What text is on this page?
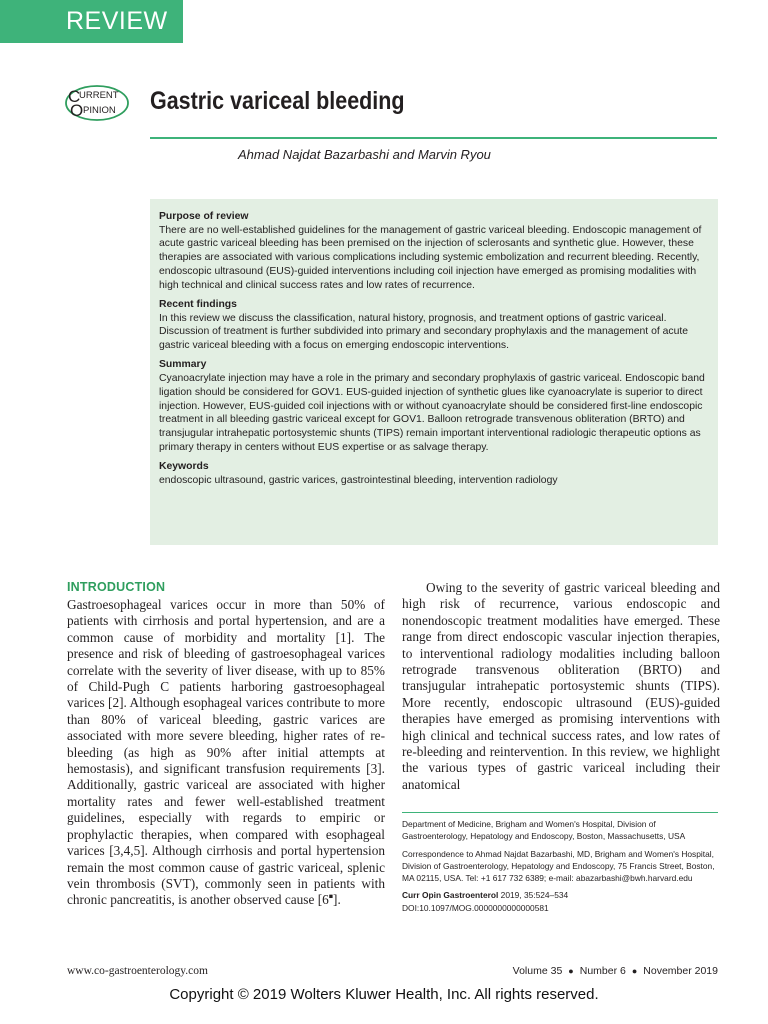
REVIEW
C
URRENT
O PINION Gastric variceal bleeding
Ahmad Najdat Bazarbashi and Marvin Ryou
Purpose of review

There are no well-established guidelines for the management of gastric variceal bleeding. Endoscopic management of acute gastric variceal bleeding has been premised on the injection of sclerosants and synthetic glue. However, these therapies are associated with various complications including systemic embolization and recurrent bleeding. Recently, endoscopic ultrasound (EUS)-guided interventions including coil injection have emerged as promising modalities with high technical and clinical success rates and low rates of recurrence.

Recent findings

In this review we discuss the classification, natural history, prognosis, and treatment options of gastric variceal. Discussion of treatment is further subdivided into primary and secondary prophylaxis and the management of acute gastric variceal bleeding with a focus on emerging endoscopic interventions.

Summary

Cyanoacrylate injection may have a role in the primary and secondary prophylaxis of gastric variceal. Endoscopic band ligation should be considered for GOV1. EUS-guided injection of synthetic glues like cyanoacrylate is superior to direct injection. However, EUS-guided coil injections with or without cyanoacrylate should be considered first-line endoscopic treatment in all bleeding gastric variceal except for GOV1. Balloon retrograde transvenous obliteration (BRTO) and transjugular intrahepatic portosystemic shunts (TIPS) remain important interventional radiologic therapeutic options as primary therapy in centers without EUS expertise or as salvage therapy.

Keywords

endoscopic ultrasound, gastric varices, gastrointestinal bleeding, intervention radiology

INTRODUCTION

Gastroesophageal varices occur in more than 50% of patients with cirrhosis and portal hypertension, and are a common cause of morbidity and mortality [1]. The presence and risk of bleeding of gastroesophageal varices correlate with the severity of liver disease, with up to 85% of Child-Pugh C patients harboring gastroesophageal varices [2]. Although esophageal varices contribute to more than 80% of variceal bleeding, gastric varices are associated with more severe bleeding, higher rates of re-bleeding (as high as 90% after initial attempts at hemostasis), and significant transfusion requirements [3]. Additionally, gastric variceal are associated with higher mortality rates and fewer well-established treatment guidelines, especially with regards to empiric or prophylactic therapies, when compared with esophageal varices [3,4,5]. Although cirrhosis and portal hypertension remain the most common cause of gastric variceal, splenic vein thrombosis (SVT), commonly seen in patients with chronic pancreatitis, is another observed cause [6■].

Owing to the severity of gastric variceal bleeding and high risk of recurrence, various endoscopic and nonendoscopic treatment modalities have emerged. These range from direct endoscopic vascular injection therapies, to interventional radiology modalities including balloon retrograde transvenous obliteration (BRTO) and transjugular intrahepatic portosystemic shunts (TIPS). More recently, endoscopic ultrasound (EUS)-guided therapies have emerged as promising interventions with high clinical and technical success rates, and low rates of re-bleeding and reintervention. In this review, we highlight the various types of gastric variceal including their anatomical

Department of Medicine, Brigham and Women's Hospital, Division of Gastroenterology, Hepatology and Endoscopy, Boston, Massachusetts, USA

Correspondence to Ahmad Najdat Bazarbashi, MD, Brigham and Women's Hospital, Division of Gastroenterology, Hepatology and Endoscopy, 75 Francis Street, Boston, MA 02115, USA. Tel: +1 617 732 6389; e-mail: abazarbashi@bwh.harvard.edu

Curr Opin Gastroenterol 2019, 35:524–534

DOI:10.1097/MOG.0000000000000581

www.co-gastroenterology.com	Volume 35 ● Number 6 ● November 2019
Copyright © 2019 Wolters Kluwer Health, Inc. All rights reserved.
